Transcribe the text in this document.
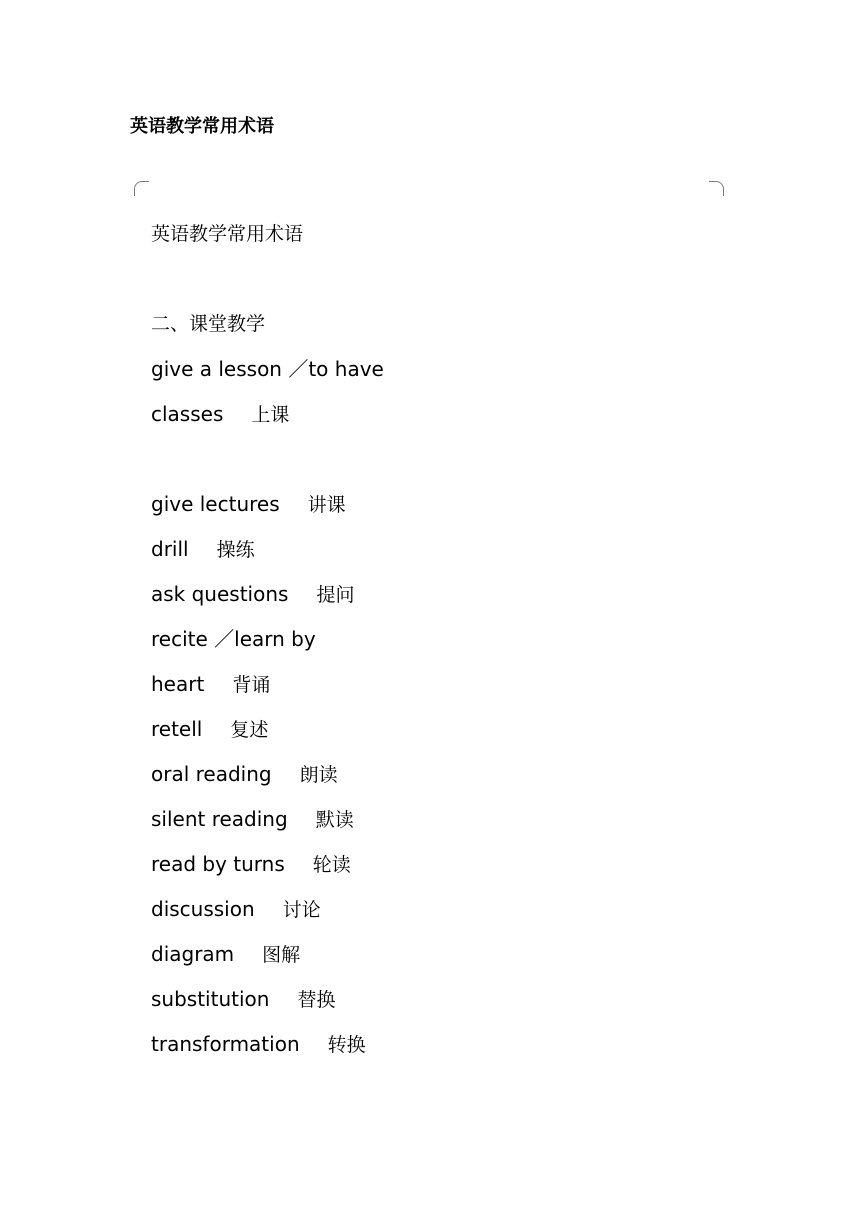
英语教学常用术语
英语教学常用术语
二、课堂教学
give a lesson ／to have
classes 上课
give lectures 讲课
drill 操练
ask questions 提问
recite ／learn by
heart 背诵
retell 复述
oral reading 朗读
silent reading 默读
read by turns 轮读
discussion 讨论
diagram 图解
substitution 替换
transformation 转换
